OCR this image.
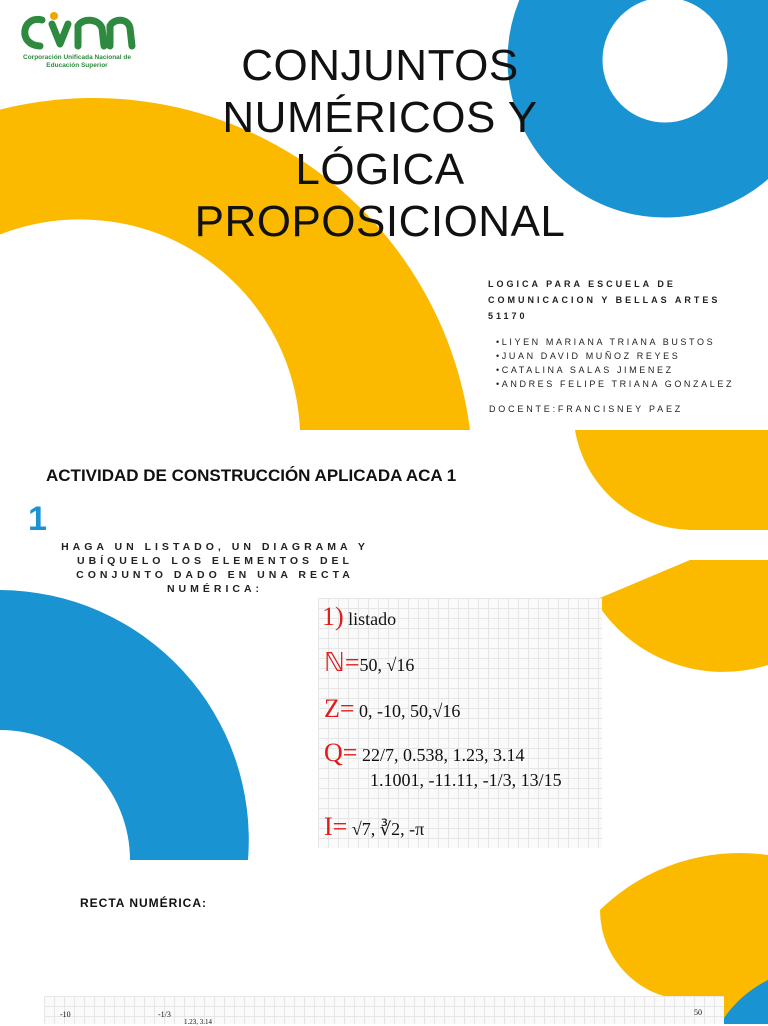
Corporación Unificada Nacional de Educación Superior	CONJUNTOS
NUMÉRICOS Y
LÓGICA
PROPOSICIONAL
LOGICA PARA ESCUELA DE
COMUNICACION Y BELLAS ARTES
51170
• LIYEN MARIANA TRIANA BUSTOS
• JUAN DAVID MUÑOZ REYES
• CATALINA SALAS JIMENEZ
• ANDRES FELIPE TRIANA GONZALEZ
DOCENTE:FRANCISNEY PAEZ
ACTIVIDAD DE CONSTRUCCIÓN APLICADA ACA 1
1
HAGA UN LISTADO, UN DIAGRAMA Y
UBÍQUELO LOS ELEMENTOS DEL
CONJUNTO DADO EN UNA RECTA
NUMÉRICA:
1) listado
ℕ=50, √16
Z= 0, -10, 50,√16
Q= 22/7, 0.538, 1.23, 3.14
1.1001, -11.11, -1/3, 13/15
I= √7, ∛2, -π
RECTA NUMÉRICA:
-10	-1/3
1.23, 3.14
50
